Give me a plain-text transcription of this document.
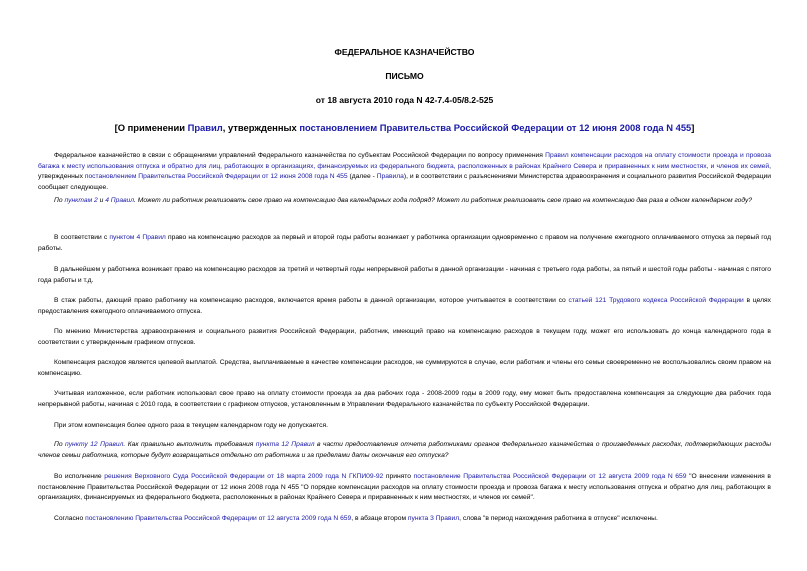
ФЕДЕРАЛЬНОЕ КАЗНАЧЕЙСТВО
ПИСЬМО
от 18 августа 2010 года N 42-7.4-05/8.2-525
[О применении Правил, утвержденных постановлением Правительства Российской Федерации от 12 июня 2008 года N 455]

Федеральное казначейство в связи с обращениями управлений Федерального казначейства по субъектам Российской Федерации по вопросу применения Правил компенсации расходов на оплату стоимости проезда и провоза багажа к месту использования отпуска и обратно для лиц, работающих в организациях, финансируемых из федерального бюджета, расположенных в районах Крайнего Севера и приравненных к ним местностях, и членов их семей, утвержденных постановлением Правительства Российской Федерации от 12 июня 2008 года N 455 (далее - Правила), и в соответствии с разъяснениями Министерства здравоохранения и социального развития Российской Федерации сообщает следующее.

По пунктам 2 и 4 Правил. Может ли работник реализовать свое право на компенсацию два календарных года подряд? Может ли работник реализовать свое право на компенсацию два раза в одном календарном году?

В соответствии с пунктом 4 Правил право на компенсацию расходов за первый и второй годы работы возникает у работника организации одновременно с правом на получение ежегодного оплачиваемого отпуска за первый год работы.

В дальнейшем у работника возникает право на компенсацию расходов за третий и четвертый годы непрерывной работы в данной организации - начиная с третьего года работы, за пятый и шестой годы работы - начиная с пятого года работы и т.д.

В стаж работы, дающий право работнику на компенсацию расходов, включается время работы в данной организации, которое учитывается в соответствии со статьей 121 Трудового кодекса Российской Федерации в целях предоставления ежегодного оплачиваемого отпуска.

По мнению Министерства здравоохранения и социального развития Российской Федерации, работник, имеющий право на компенсацию расходов в текущем году, может его использовать до конца календарного года в соответствии с утвержденным графиком отпусков.

Компенсация расходов является целевой выплатой. Средства, выплачиваемые в качестве компенсации расходов, не суммируются в случае, если работник и члены его семьи своевременно не воспользовались своим правом на компенсацию.

Учитывая изложенное, если работник использовал свое право на оплату стоимости проезда за два рабочих года - 2008-2009 годы в 2009 году, ему может быть предоставлена компенсация за следующие два рабочих года непрерывной работы, начиная с 2010 года, в соответствии с графиком отпусков, установленным в Управлении Федерального казначейства по субъекту Российской Федерации.

При этом компенсация более одного раза в текущем календарном году не допускается.

По пункту 12 Правил. Как правильно выполнить требования пункта 12 Правил в части предоставления отчета работниками органов Федерального казначейства о произведенных расходах, подтверждающих расходы членов семьи работника, которые будут возвращаться отдельно от работника и за пределами даты окончания его отпуска?

Во исполнение решения Верховного Суда Российской Федерации от 18 марта 2009 года N ГКПИ09-92 принято постановление Правительства Российской Федерации от 12 августа 2009 года N 659 "О внесении изменения в постановление Правительства Российской Федерации от 12 июня 2008 года N 455 "О порядке компенсации расходов на оплату стоимости проезда и провоза багажа к месту использования отпуска и обратно для лиц, работающих в организациях, финансируемых из федерального бюджета, расположенных в районах Крайнего Севера и приравненных к ним местностях, и членов их семей".

Согласно постановлению Правительства Российской Федерации от 12 августа 2009 года N 659, в абзаце втором пункта 3 Правил, слова "в период нахождения работника в отпуске" исключены.
